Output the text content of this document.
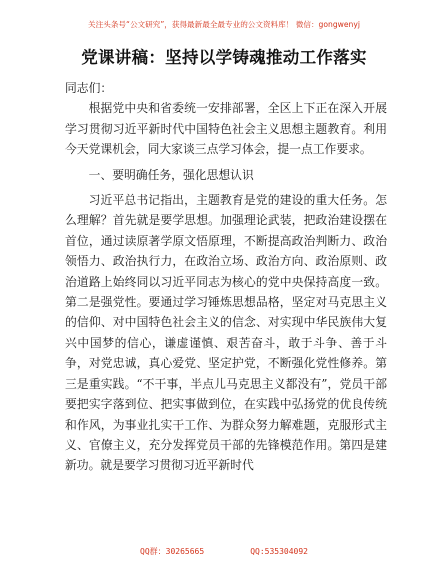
关注头条号“公文研究”，获得最新最全最专业的公文资料库！ 微信：gongwenyj
党课讲稿：坚持以学铸魂推动工作落实

同志们：

根据党中央和省委统一安排部署，全区上下正在深入开展学习贯彻习近平新时代中国特色社会主义思想主题教育。利用今天党课机会，同大家谈三点学习体会，提一点工作要求。

一、要明确任务，强化思想认识

习近平总书记指出，主题教育是党的建设的重大任务。怎么理解？首先就是要学思想。加强理论武装，把政治建设摆在首位，通过读原著学原文悟原理，不断提高政治判断力、政治领悟力、政治执行力，在政治立场、政治方向、政治原则、政治道路上始终同以习近平同志为核心的党中央保持高度一致。第二是强党性。要通过学习锤炼思想品格，坚定对马克思主义的信仰、对中国特色社会主义的信念、对实现中华民族伟大复兴中国梦的信心，谦虚谨慎、艰苦奋斗，敢于斗争、善于斗争，对党忠诚，真心爱党、坚定护党，不断强化党性修养。第三是重实践。“不干事，半点儿马克思主义都没有”，党员干部要把实字落到位、把实事做到位，在实践中弘扬党的优良传统和作风，为事业扎实干工作、为群众努力解难题，克服形式主义、官僚主义，充分发挥党员干部的先锋模范作用。第四是建新功。就是要学习贯彻习近平新时代

QQ群：30265665	QQ:535304092
